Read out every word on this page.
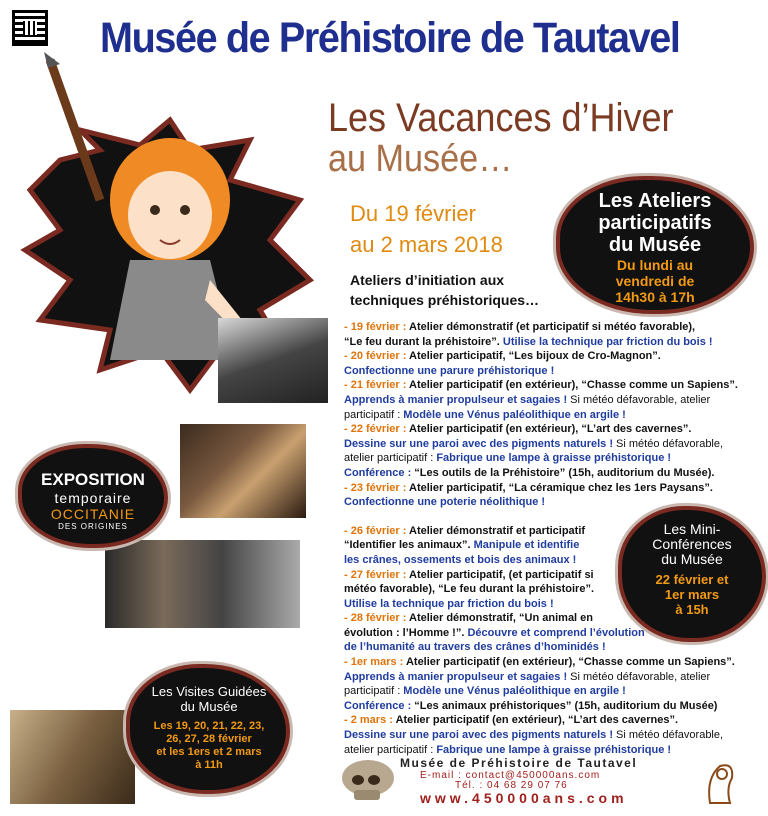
Musée de Préhistoire de Tautavel
Les Vacances d’Hiver
au Musée…
Du 19 février
au 2 mars 2018
Ateliers d’initiation aux
techniques préhistoriques…
Les Ateliers
participatifs
du Musée
Du lundi au
vendredi de
14h30 à 17h
EXPOSITION
temporaire
OCCITANIE
DES ORIGINES	Les Mini-
Conférences
du Musée
22 février et
1er mars
à 15h
Les Visites Guidées
du Musée
Les 19, 20, 21, 22, 23,
26, 27, 28 février
et les 1ers et 2 mars
à 11h

- 19 février : Atelier démonstratif (et participatif si météo favorable),

“Le feu durant la préhistoire”. Utilise la technique par friction du bois !

- 20 février : Atelier participatif, “Les bijoux de Cro-Magnon”.

Confectionne une parure préhistorique !

- 21 février : Atelier participatif (en extérieur), “Chasse comme un Sapiens”.

Apprends à manier propulseur et sagaies ! Si météo défavorable, atelier

participatif : Modèle une Vénus paléolithique en argile !

- 22 février : Atelier participatif (en extérieur), “L’art des cavernes”.

Dessine sur une paroi avec des pigments naturels ! Si météo défavorable,

atelier participatif : Fabrique une lampe à graisse préhistorique !

Conférence : “Les outils de la Préhistoire” (15h, auditorium du Musée).

- 23 février : Atelier participatif, “La céramique chez les 1ers Paysans”.

Confectionne une poterie néolithique !

- 26 février : Atelier démonstratif et participatif

“Identifier les animaux”. Manipule et identifie

les crânes, ossements et bois des animaux !

- 27 février : Atelier participatif, (et participatif si

météo favorable), “Le feu durant la préhistoire”.

Utilise la technique par friction du bois !

- 28 février : Atelier démonstratif, “Un animal en

évolution : l’Homme !”. Découvre et comprend l’évolution

de l’humanité au travers des crânes d’hominidés !

- 1er mars : Atelier participatif (en extérieur), “Chasse comme un Sapiens”.

Apprends à manier propulseur et sagaies ! Si météo défavorable, atelier

participatif : Modèle une Vénus paléolithique en argile !

Conférence : “Les animaux préhistoriques” (15h, auditorium du Musée)

- 2 mars : Atelier participatif (en extérieur), “L’art des cavernes”.

Dessine sur une paroi avec des pigments naturels ! Si météo défavorable,

atelier participatif : Fabrique une lampe à graisse préhistorique !

Musée de Préhistoire de Tautavel
E-mail : contact@450000ans.com
Tél. : 04 68 29 07 76
www.450000ans.com
